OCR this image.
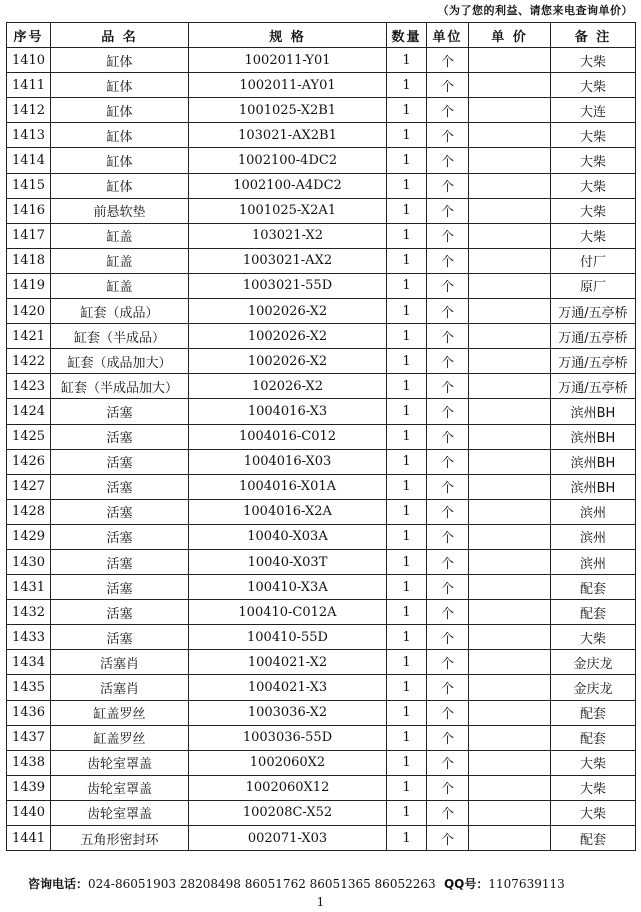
（为了您的利益、请您来电查询单价）
序号	品 名	规 格	数量	单位	单 价	备 注
1410	缸体	1002011-Y01	1	个		大柴
1411	缸体	1002011-AY01	1	个		大柴
1412	缸体	1001025-X2B1	1	个		大连
1413	缸体	103021-AX2B1	1	个		大柴
1414	缸体	1002100-4DC2	1	个		大柴
1415	缸体	1002100-A4DC2	1	个		大柴
1416	前悬软垫	1001025-X2A1	1	个		大柴
1417	缸盖	103021-X2	1	个		大柴
1418	缸盖	1003021-AX2	1	个		付厂
1419	缸盖	1003021-55D	1	个		原厂
1420	缸套（成品）	1002026-X2	1	个		万通/五亭桥
1421	缸套（半成品）	1002026-X2	1	个		万通/五亭桥
1422	缸套（成品加大）	1002026-X2	1	个		万通/五亭桥
1423	缸套（半成品加大）	102026-X2	1	个		万通/五亭桥
1424	活塞	1004016-X3	1	个		滨州BH
1425	活塞	1004016-C012	1	个		滨州BH
1426	活塞	1004016-X03	1	个		滨州BH
1427	活塞	1004016-X01A	1	个		滨州BH
1428	活塞	1004016-X2A	1	个		滨州
1429	活塞	10040-X03A	1	个		滨州
1430	活塞	10040-X03T	1	个		滨州
1431	活塞	100410-X3A	1	个		配套
1432	活塞	100410-C012A	1	个		配套
1433	活塞	100410-55D	1	个		大柴
1434	活塞肖	1004021-X2	1	个		金庆龙
1435	活塞肖	1004021-X3	1	个		金庆龙
1436	缸盖罗丝	1003036-X2	1	个		配套
1437	缸盖罗丝	1003036-55D	1	个		配套
1438	齿轮室罩盖	1002060X2	1	个		大柴
1439	齿轮室罩盖	1002060X12	1	个		大柴
1440	齿轮室罩盖	100208C-X52	1	个		大柴
1441	五角形密封环	002071-X03	1	个		配套
咨询电话：024-86051903 28208498 86051762 86051365 86052263 QQ号：1107639113
1
